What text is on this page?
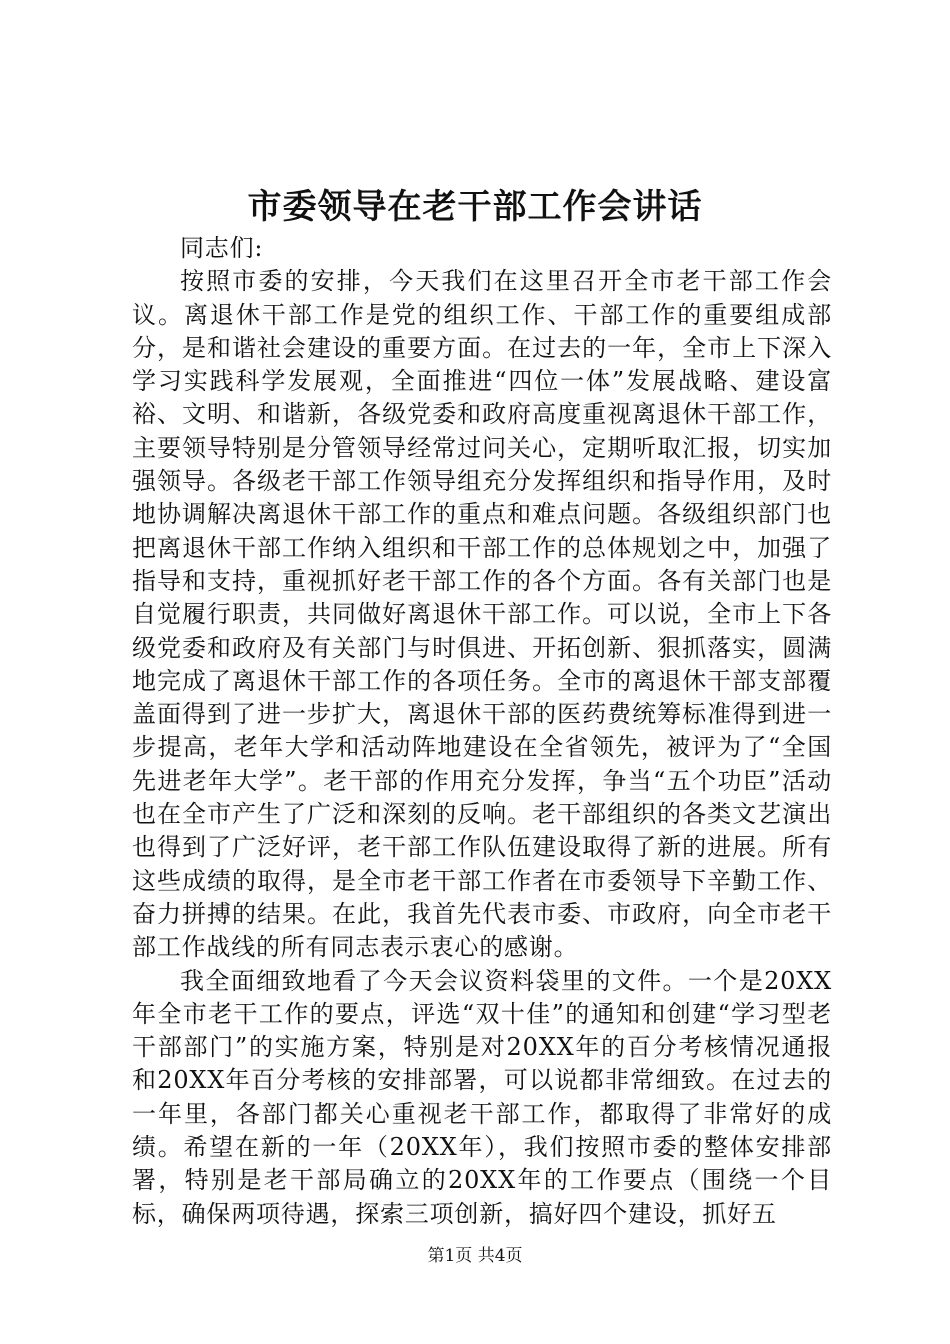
市委领导在老干部工作会讲话

同志们:

按照市委的安排，今天我们在这里召开全市老干部工作会议。离退休干部工作是党的组织工作、干部工作的重要组成部分，是和谐社会建设的重要方面。在过去的一年，全市上下深入学习实践科学发展观，全面推进“四位一体”发展战略、建设富裕、文明、和谐新，各级党委和政府高度重视离退休干部工作，主要领导特别是分管领导经常过问关心，定期听取汇报，切实加强领导。各级老干部工作领导组充分发挥组织和指导作用，及时地协调解决离退休干部工作的重点和难点问题。各级组织部门也把离退休干部工作纳入组织和干部工作的总体规划之中，加强了指导和支持，重视抓好老干部工作的各个方面。各有关部门也是自觉履行职责，共同做好离退休干部工作。可以说，全市上下各级党委和政府及有关部门与时俱进、开拓创新、狠抓落实，圆满地完成了离退休干部工作的各项任务。全市的离退休干部支部覆盖面得到了进一步扩大，离退休干部的医药费统筹标准得到进一步提高，老年大学和活动阵地建设在全省领先，被评为了“全国先进老年大学”。老干部的作用充分发挥，争当“五个功臣”活动也在全市产生了广泛和深刻的反响。老干部组织的各类文艺演出也得到了广泛好评，老干部工作队伍建设取得了新的进展。所有这些成绩的取得，是全市老干部工作者在市委领导下辛勤工作、奋力拼搏的结果。在此，我首先代表市委、市政府，向全市老干部工作战线的所有同志表示衷心的感谢。

我全面细致地看了今天会议资料袋里的文件。一个是20XX年全市老干工作的要点，评选“双十佳”的通知和创建“学习型老干部部门”的实施方案，特别是对20XX年的百分考核情况通报和20XX年百分考核的安排部署，可以说都非常细致。在过去的一年里，各部门都关心重视老干部工作，都取得了非常好的成绩。希望在新的一年（20XX年），我们按照市委的整体安排部署，特别是老干部局确立的20XX年的工作要点（围绕一个目标，确保两项待遇，探索三项创新，搞好四个建设，抓好五

第1页 共4页
